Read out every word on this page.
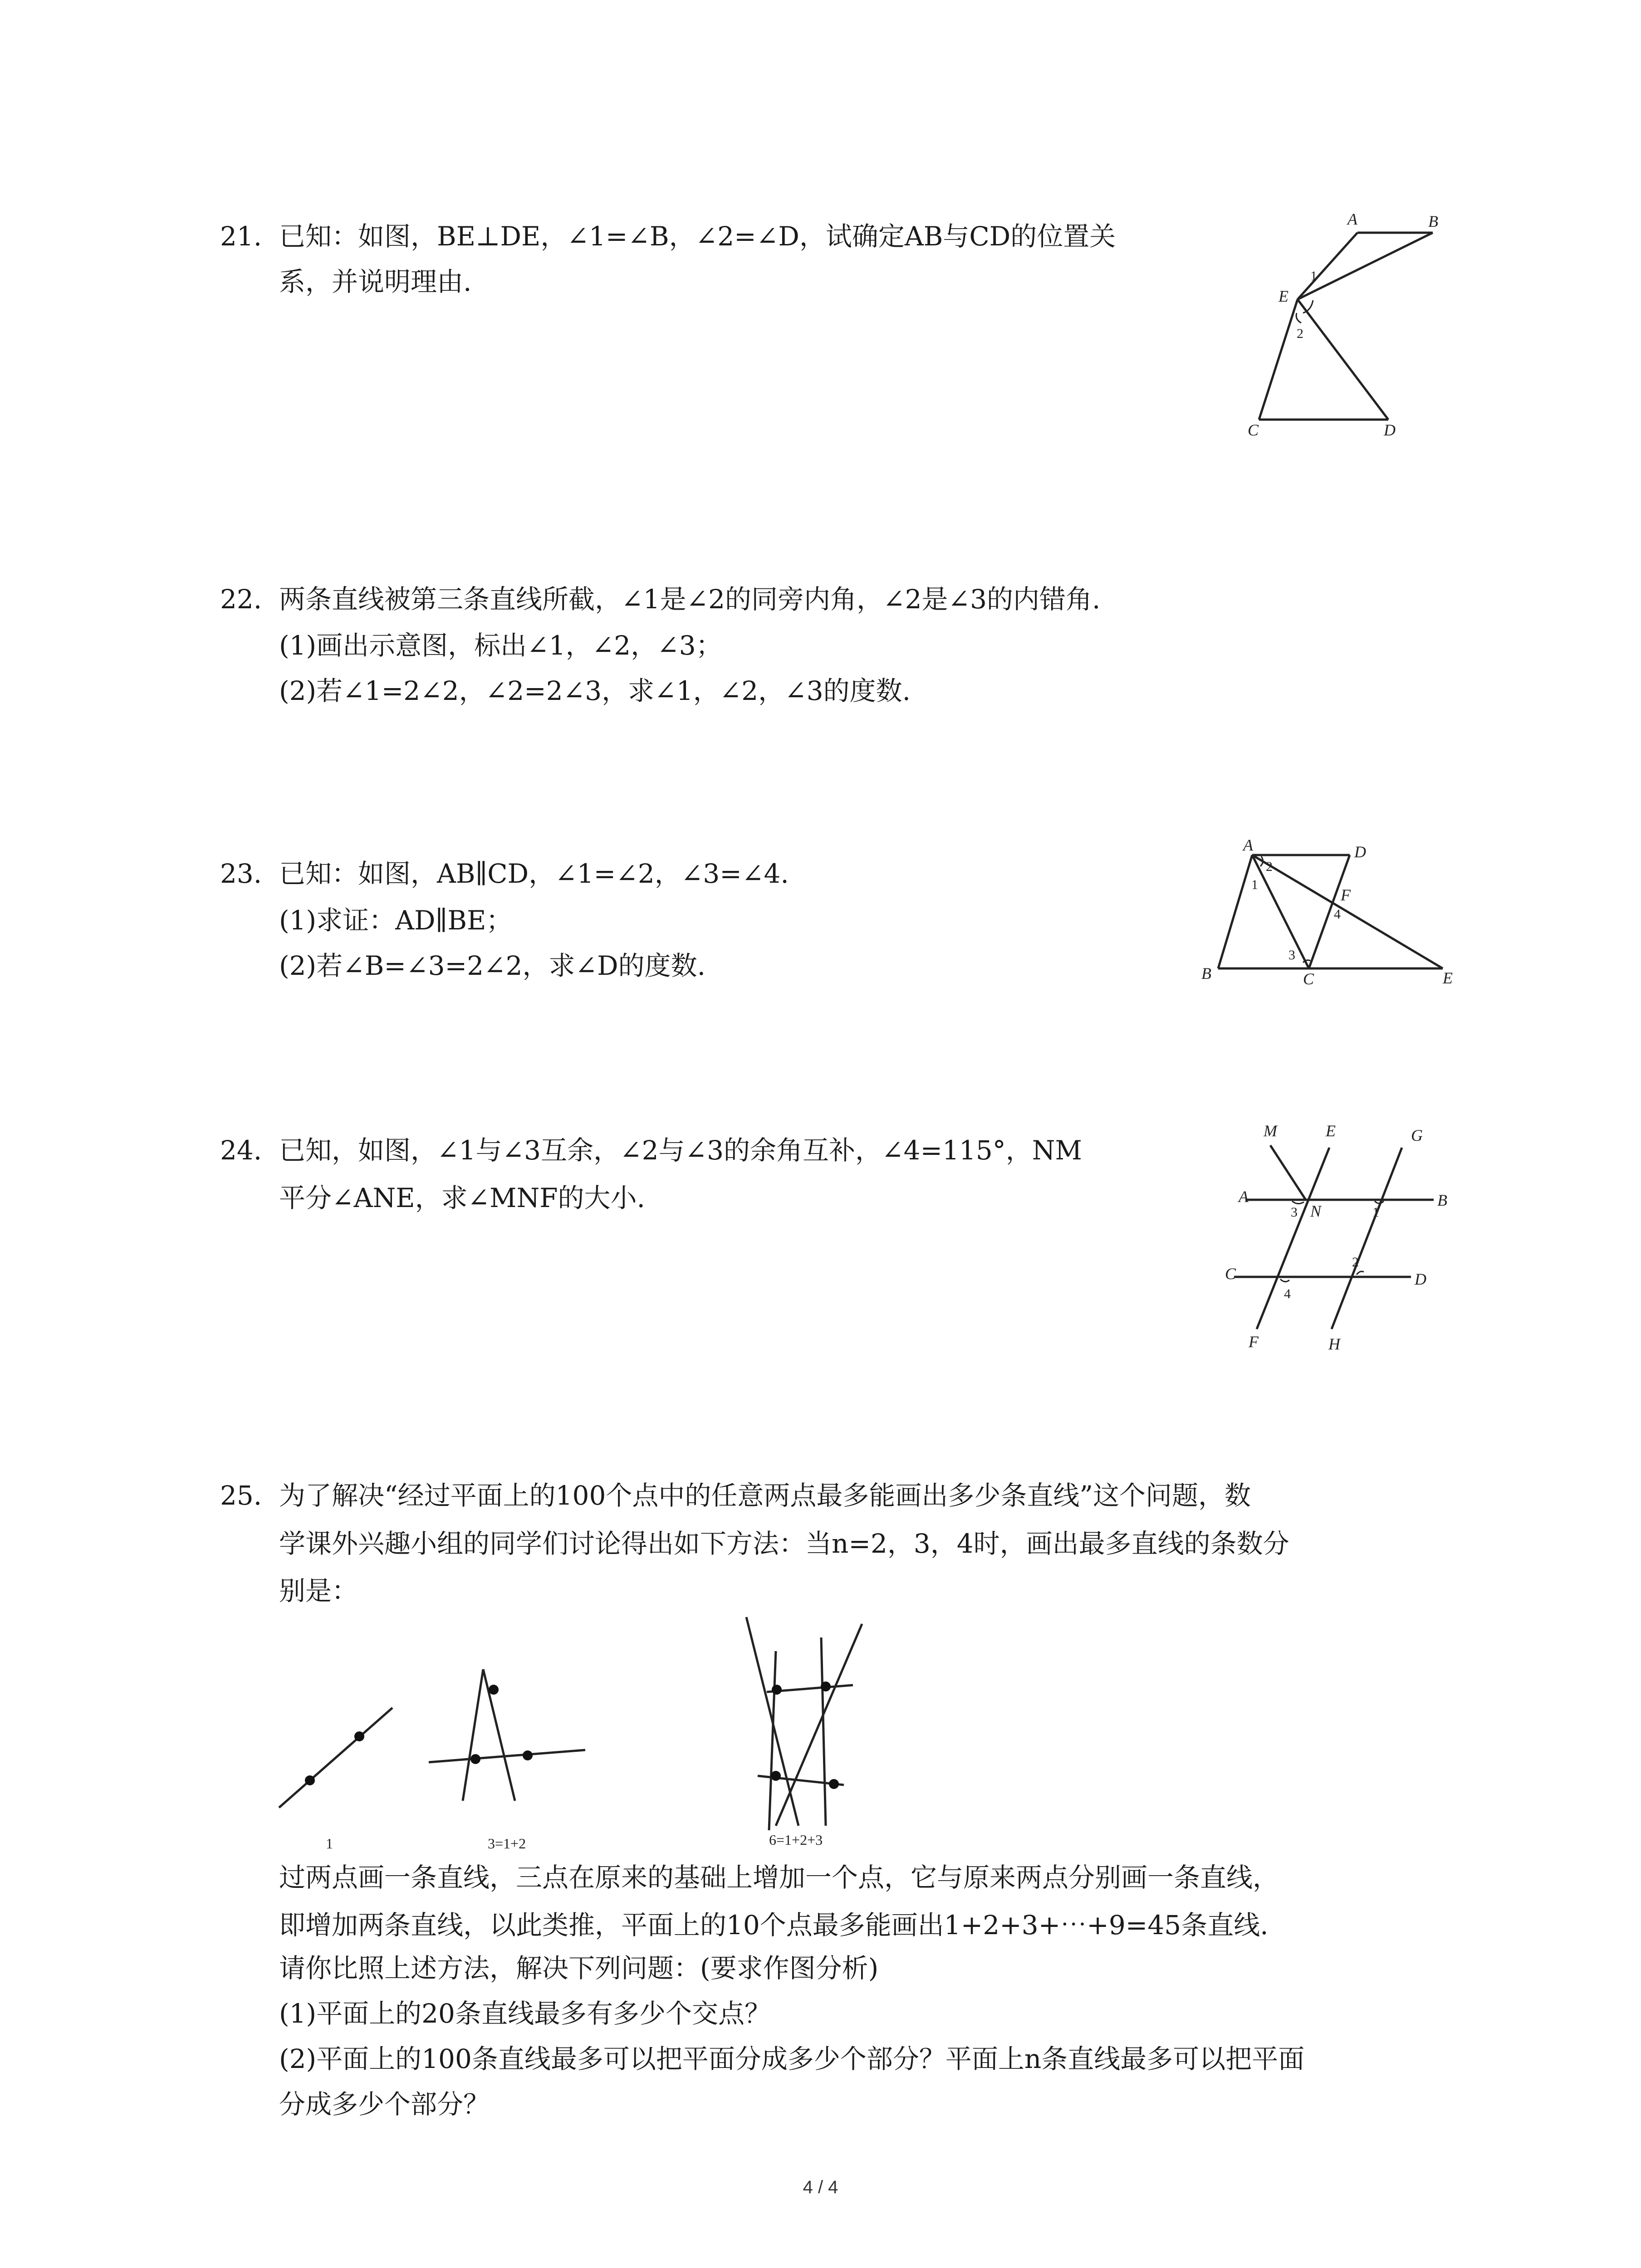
21. 已知：如图，BE⊥DE，∠1=∠B，∠2=∠D，试确定AB与CD的位置关
系，并说明理由.
A	B
E
C	D
1
2
22. 两条直线被第三条直线所截，∠1是∠2的同旁内角，∠2是∠3的内错角.
(1)画出示意图，标出∠1，∠2，∠3；
(2)若∠1=2∠2，∠2=2∠3，求∠1，∠2，∠3的度数.
23. 已知：如图，AB∥CD，∠1=∠2，∠3=∠4.
(1)求证：AD∥BE；
(2)若∠B=∠3=2∠2，求∠D的度数.
A	D
F
B	C	E
1
2
3
4
24. 已知，如图，∠1与∠3互余，∠2与∠3的余角互补，∠4=115°，NM
平分∠ANE，求∠MNF的大小.
M	E	G
A
N
B
C	D
F	H
1
2
3
4
25. 为了解决“经过平面上的100个点中的任意两点最多能画出多少条直线”这个问题，数
学课外兴趣小组的同学们讨论得出如下方法：当n=2，3，4时，画出最多直线的条数分
别是：
1	3=1+2	6=1+2+3
过两点画一条直线，三点在原来的基础上增加一个点，它与原来两点分别画一条直线，
即增加两条直线，以此类推，平面上的10个点最多能画出1+2+3+⋯+9=45条直线.
请你比照上述方法，解决下列问题：(要求作图分析)
(1)平面上的20条直线最多有多少个交点？
(2)平面上的100条直线最多可以把平面分成多少个部分？平面上n条直线最多可以把平面
分成多少个部分？
4 / 4
